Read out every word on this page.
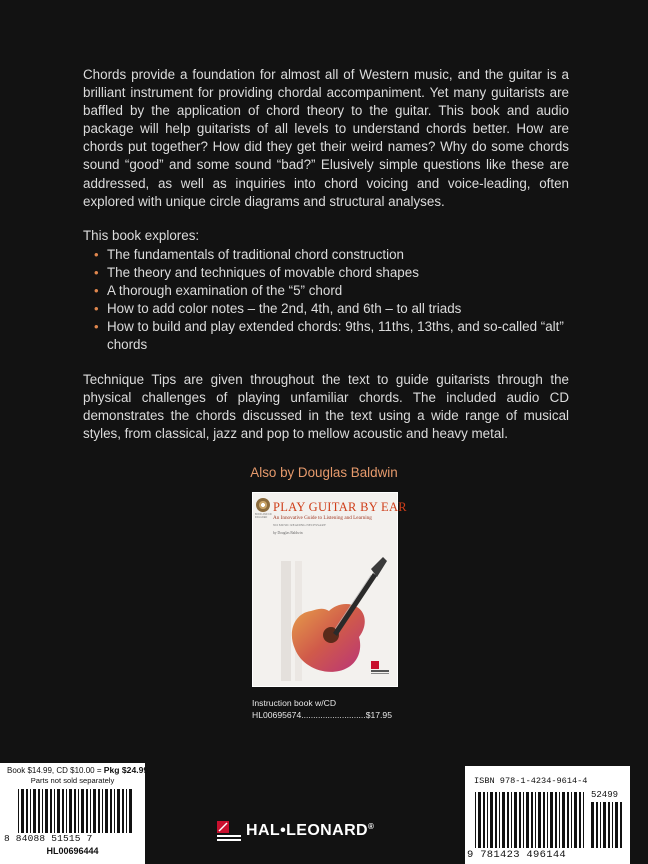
Chords provide a foundation for almost all of Western music, and the guitar is a brilliant instrument for providing chordal accompaniment. Yet many guitarists are baffled by the application of chord theory to the guitar. This book and audio package will help guitarists of all levels to understand chords better. How are chords put together? How did they get their weird names? Why do some chords sound “good” and some sound “bad?” Elusively simple questions like these are addressed, as well as inquiries into chord voicing and voice-leading, often explored with unique circle diagrams and structural analyses.

This book explores:

• The fundamentals of traditional chord construction
• The theory and techniques of movable chord shapes
• A thorough examination of the “5” chord
• How to add color notes – the 2nd, 4th, and 6th – to all triads
• How to build and play extended chords: 9ths, 11ths, 13ths, and so-called “alt” chords

Technique Tips are given throughout the text to guide guitarists through the physical challenges of playing unfamiliar chords. The included audio CD demonstrates the chords discussed in the text using a wide range of musical styles, from classical, jazz and pop to mellow acoustic and heavy metal.

Also by Douglas Baldwin
BOOK AND CD INCLUDED
PLAY GUITAR BY EAR
An Innovative Guide to Listening and Learning
NO MUSIC READING NECESSARY
by Douglas Baldwin
Instruction book w/CD
HL00695674...........................$17.95
Book $14.99, CD $10.00 = Pkg $24.99
Parts not sold separately
8 84088 51515 7
HL00696444
HAL•LEONARD®
ISBN 978-1-4234-9614-4
52499
9 781423 496144
